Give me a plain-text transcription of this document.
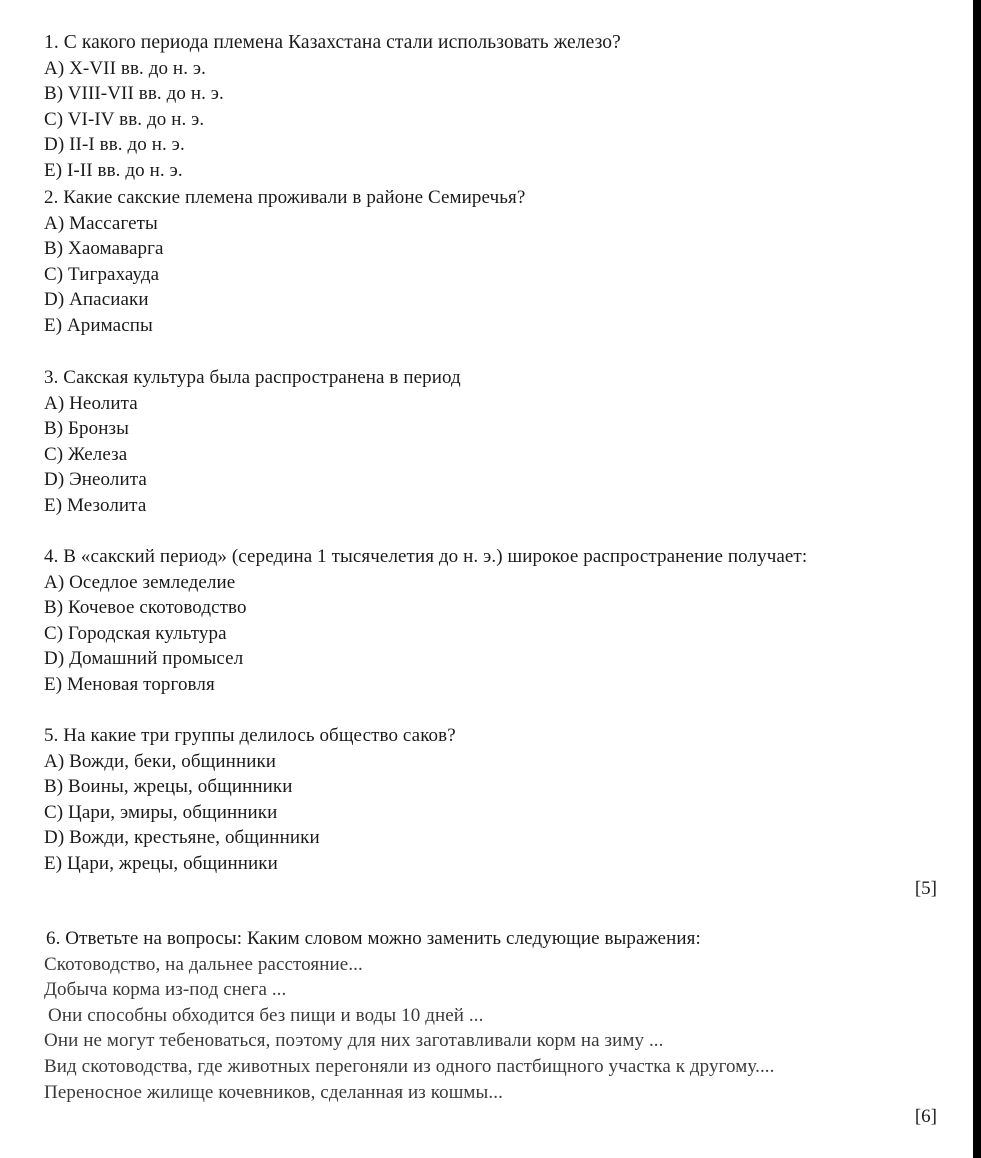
1. С какого периода племена Казахстана стали использовать железо?
A) X-VII вв. до н. э.
B) VIII-VII вв. до н. э.
C) VI-IV вв. до н. э.
D) II-I вв. до н. э.
E) I-II вв. до н. э.
2. Какие сакские племена проживали в районе Семиречья?
A) Массагеты
B) Хаомаварга
C) Тиграхауда
D) Апасиаки
E) Аримаспы
3. Сакская культура была распространена в период
A) Неолита
B) Бронзы
C) Железа
D) Энеолита
E) Мезолита
4. В «сакский период» (середина 1 тысячелетия до н. э.) широкое распространение получает:
A) Оседлое земледелие
B) Кочевое скотоводство
C) Городская культура
D) Домашний промысел
E) Меновая торговля
5. На какие три группы делилось общество саков?
A) Вожди, беки, общинники
B) Воины, жрецы, общинники
C) Цари, эмиры, общинники
D) Вожди, крестьяне, общинники
E) Цари, жрецы, общинники
[5]
6. Ответьте на вопросы: Каким словом можно заменить следующие выражения:
Скотоводство, на дальнее расстояние...
Добыча корма из-под снега ...
Они способны обходится без пищи и воды 10 дней ...
Они не могут тебеноваться, поэтому для них заготавливали корм на зиму ...
Вид скотоводства, где животных перегоняли из одного пастбищного участка к другому....
Переносное жилище кочевников, сделанная из кошмы...
[6]
